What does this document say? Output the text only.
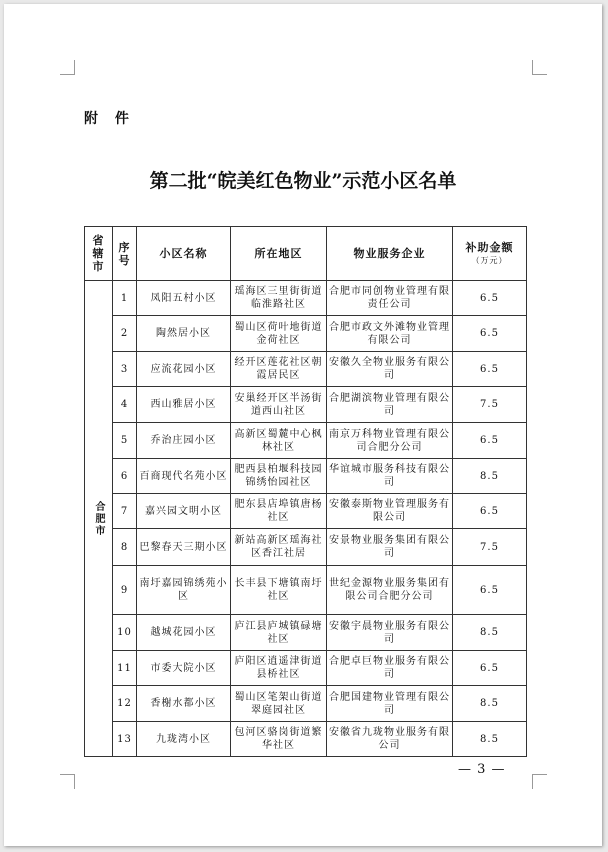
附 件
第二批“皖美红色物业”示范小区名单
省辖市	序号	小区名称	所在地区	物业服务企业	补助金额
（万元）

合肥市	1	凤阳五村小区	瑶海区三里街街道临淮路社区	合肥市同创物业管理有限责任公司	6.5
	2	陶然居小区	蜀山区荷叶地街道金荷社区	合肥市政文外滩物业管理有限公司	6.5
	3	应流花园小区	经开区莲花社区朝霞居民区	安徽久全物业服务有限公司	6.5
	4	西山雅居小区	安巢经开区半汤街道西山社区	合肥湖滨物业管理有限公司	7.5
	5	乔治庄园小区	高新区蜀麓中心枫林社区	南京万科物业管理有限公司合肥分公司	6.5
	6	百商现代名苑小区	肥西县柏堰科技园锦绣怡园社区	华谊城市服务科技有限公司	8.5
	7	嘉兴园文明小区	肥东县店埠镇唐杨社区	安徽泰斯物业管理服务有限公司	6.5
	8	巴黎春天三期小区	新站高新区瑶海社区香江社居	安景物业服务集团有限公司	7.5
	9	南圩嘉园锦绣苑小区	长丰县下塘镇南圩社区	世纪金源物业服务集团有限公司合肥分公司	6.5
	10	越城花园小区	庐江县庐城镇碌塘社区	安徽宇晨物业服务有限公司	8.5
	11	市委大院小区	庐阳区逍遥津街道县桥社区	合肥卓巨物业服务有限公司	6.5
	12	香榭水都小区	蜀山区笔架山街道翠庭园社区	合肥国建物业管理有限公司	8.5
	13	九珑湾小区	包河区骆岗街道繁华社区	安徽省九珑物业服务有限公司	8.5
— 3 —
